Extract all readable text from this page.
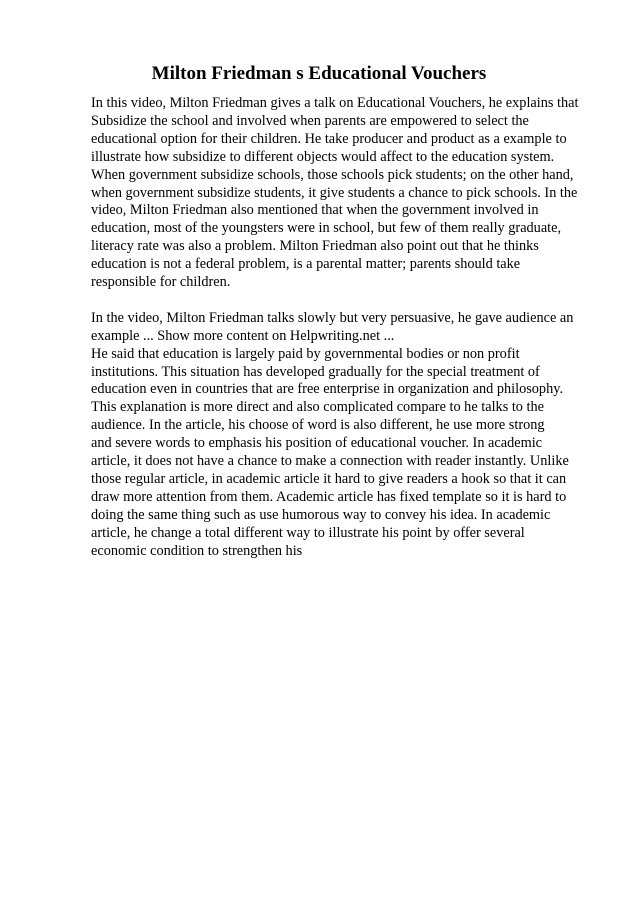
Milton Friedman s Educational Vouchers
In this video, Milton Friedman gives a talk on Educational Vouchers, he explains that
Subsidize the school and involved when parents are empowered to select the
educational option for their children. He take producer and product as a example to
illustrate how subsidize to different objects would affect to the education system.
When government subsidize schools, those schools pick students; on the other hand,
when government subsidize students, it give students a chance to pick schools. In the
video, Milton Friedman also mentioned that when the government involved in
education, most of the youngsters were in school, but few of them really graduate,
literacy rate was also a problem. Milton Friedman also point out that he thinks
education is not a federal problem, is a parental matter; parents should take
responsible for children.
In the video, Milton Friedman talks slowly but very persuasive, he gave audience an
example ... Show more content on Helpwriting.net ...
He said that education is largely paid by governmental bodies or non profit
institutions. This situation has developed gradually for the special treatment of
education even in countries that are free enterprise in organization and philosophy.
This explanation is more direct and also complicated compare to he talks to the
audience. In the article, his choose of word is also different, he use more strong
and severe words to emphasis his position of educational voucher. In academic
article, it does not have a chance to make a connection with reader instantly. Unlike
those regular article, in academic article it hard to give readers a hook so that it can
draw more attention from them. Academic article has fixed template so it is hard to
doing the same thing such as use humorous way to convey his idea. In academic
article, he change a total different way to illustrate his point by offer several
economic condition to strengthen his
